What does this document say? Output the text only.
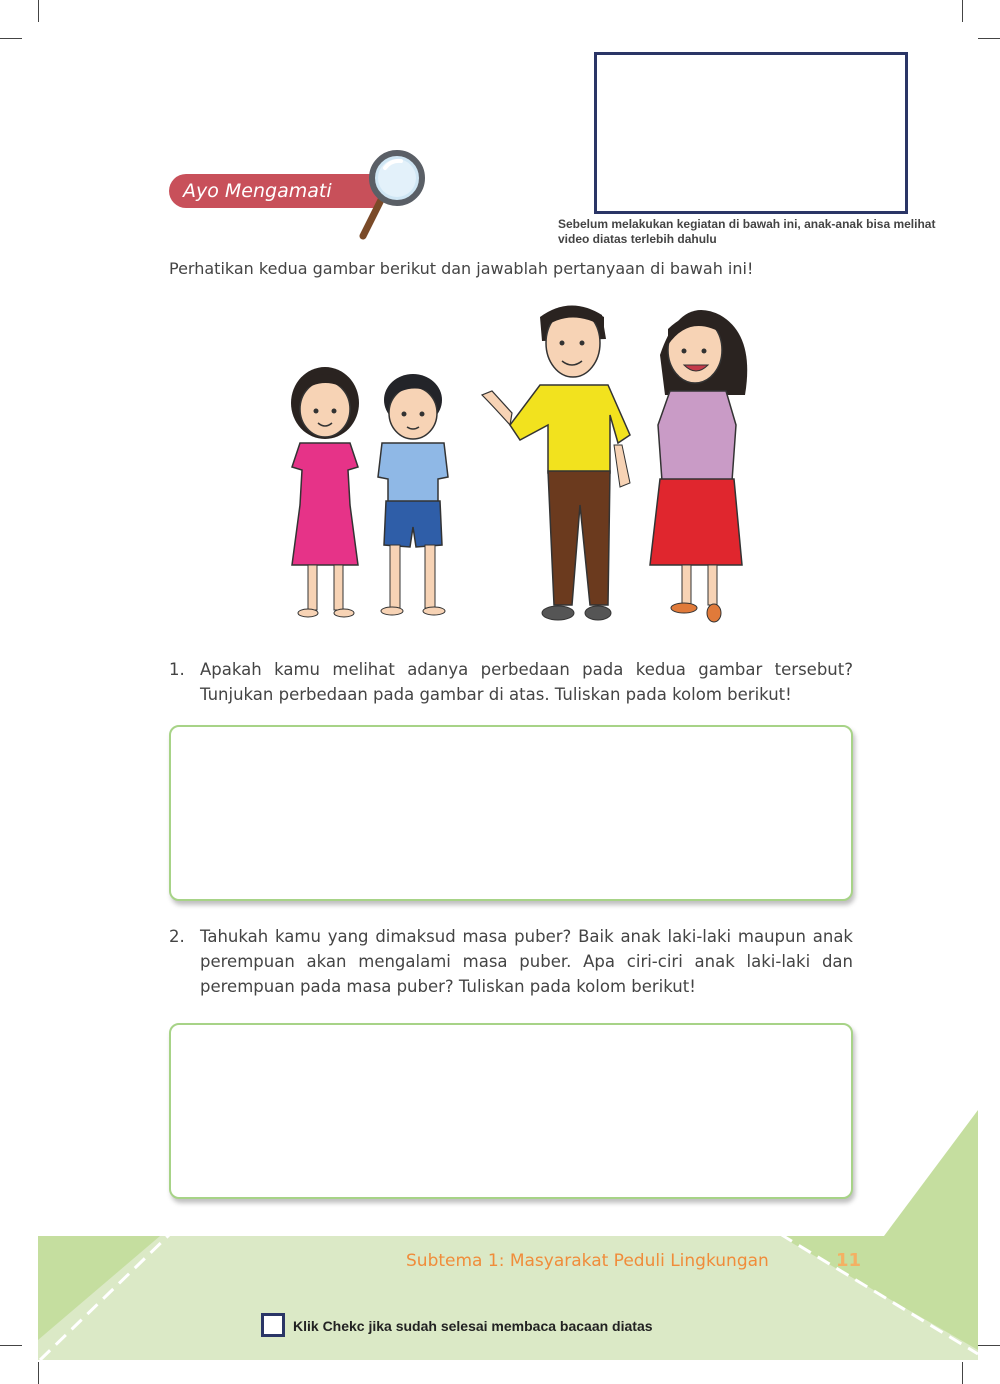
Sebelum melakukan kegiatan di bawah ini, anak-anak bisa melihat video diatas terlebih dahulu
Ayo Mengamati
Perhatikan kedua gambar berikut dan jawablah pertanyaan di bawah ini!
1. Apakah kamu melihat adanya perbedaan pada kedua gambar tersebut? Tunjukan perbedaan pada gambar di atas. Tuliskan pada kolom berikut!
2. Tahukah kamu yang dimaksud masa puber? Baik anak laki-laki maupun anak perempuan akan mengalami masa puber. Apa ciri-ciri anak laki-laki dan perempuan pada masa puber? Tuliskan pada kolom berikut!
Subtema 1: Masyarakat Peduli Lingkungan	11
Klik Chekc jika sudah selesai membaca bacaan diatas
